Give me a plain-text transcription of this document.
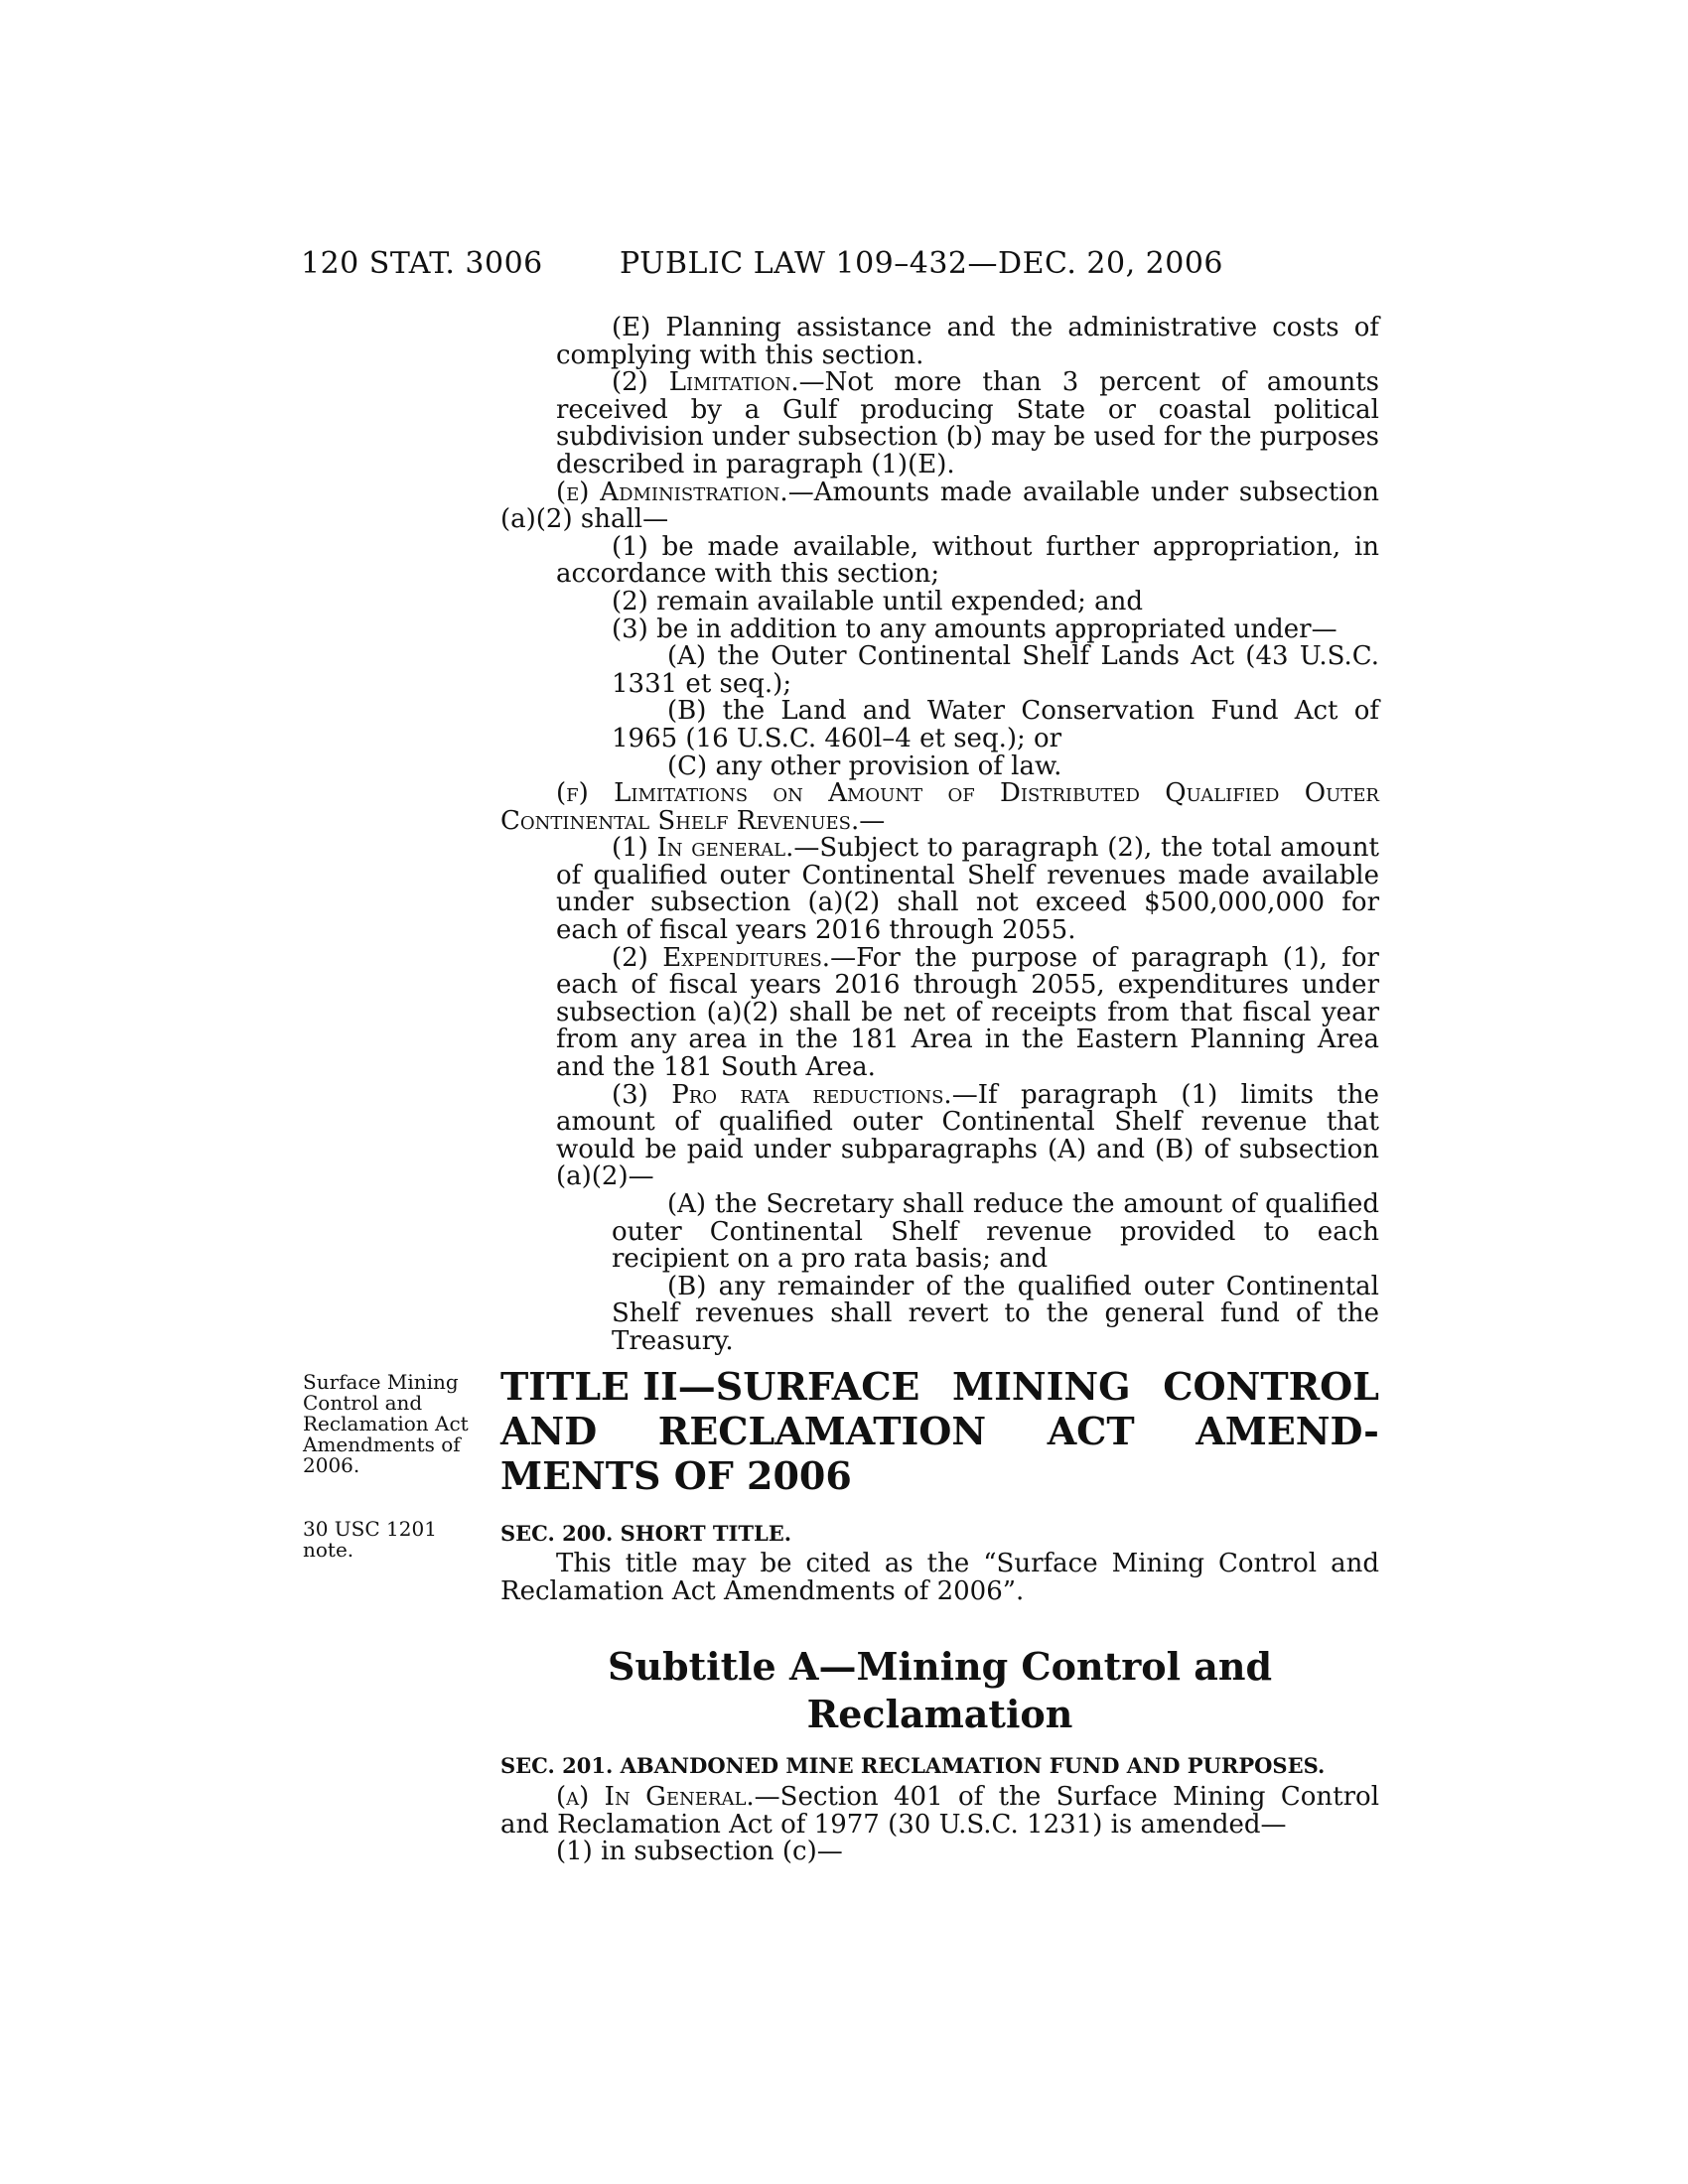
120 STAT. 3006	PUBLIC LAW 109–432—DEC. 20, 2006

(E) Planning assistance and the administrative costs of complying with this section.

(2) Limitation.—Not more than 3 percent of amounts received by a Gulf producing State or coastal political subdivision under subsection (b) may be used for the purposes described in paragraph (1)(E).

(e) Administration.—Amounts made available under subsection (a)(2) shall—

(1) be made available, without further appropriation, in accordance with this section;

(2) remain available until expended; and

(3) be in addition to any amounts appropriated under—

(A) the Outer Continental Shelf Lands Act (43 U.S.C. 1331 et seq.);

(B) the Land and Water Conservation Fund Act of 1965 (16 U.S.C. 460l–4 et seq.); or

(C) any other provision of law.

(f) Limitations on Amount of Distributed Qualified Outer Continental Shelf Revenues.—

(1) In general.—Subject to paragraph (2), the total amount of qualified outer Continental Shelf revenues made available under subsection (a)(2) shall not exceed $500,000,000 for each of fiscal years 2016 through 2055.

(2) Expenditures.—For the purpose of paragraph (1), for each of fiscal years 2016 through 2055, expenditures under subsection (a)(2) shall be net of receipts from that fiscal year from any area in the 181 Area in the Eastern Planning Area and the 181 South Area.

(3) Pro rata reductions.—If paragraph (1) limits the amount of qualified outer Continental Shelf revenue that would be paid under subparagraphs (A) and (B) of subsection (a)(2)—

(A) the Secretary shall reduce the amount of qualified outer Continental Shelf revenue provided to each recipient on a pro rata basis; and

(B) any remainder of the qualified outer Continental Shelf revenues shall revert to the general fund of the Treasury.

Surface Mining Control and Reclamation Act Amendments of 2006.

TITLE II—SURFACE MINING CONTROL

AND RECLAMATION ACT AMEND-

MENTS OF 2006

30 USC 1201 note.
SEC. 200. SHORT TITLE.

This title may be cited as the “Surface Mining Control and Reclamation Act Amendments of 2006”.

Subtitle A—Mining Control and
Reclamation
SEC. 201. ABANDONED MINE RECLAMATION FUND AND PURPOSES.

(a) In General.—Section 401 of the Surface Mining Control and Reclamation Act of 1977 (30 U.S.C. 1231) is amended—

(1) in subsection (c)—
